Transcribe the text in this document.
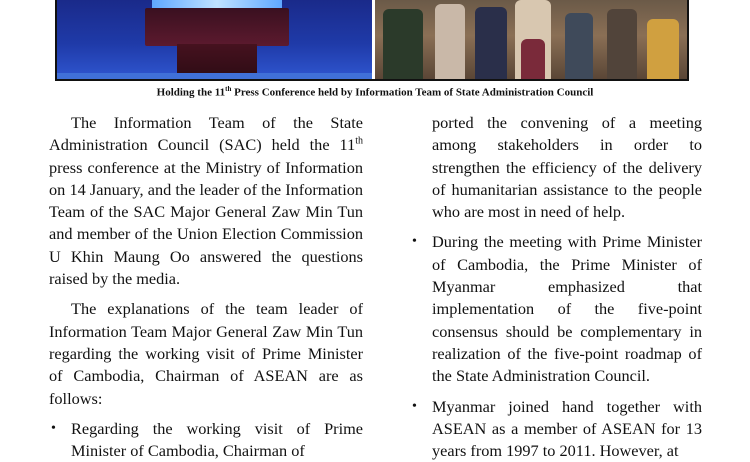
Holding the 11th Press Conference held by Information Team of State Administration Council

The Information Team of the State Administration Council (SAC) held the 11th press conference at the Ministry of Information on 14 January, and the leader of the Information Team of the SAC Major General Zaw Min Tun and member of the Union Election Commission U Khin Maung Oo answered the questions raised by the media.

The explanations of the team leader of Information Team Major General Zaw Min Tun regarding the working visit of Prime Minister of Cambodia, Chairman of ASEAN are as follows:

• Regarding the working visit of Prime Minister of Cambodia, Chairman of

ported the convening of a meeting among stakeholders in order to strengthen the efficiency of the delivery of humanitarian assistance to the people who are most in need of help.

• During the meeting with Prime Minister of Cambodia, the Prime Minister of Myanmar emphasized that implementation of the five-point consensus should be complementary in realization of the five-point roadmap of the State Administration Council.

• Myanmar joined hand together with ASEAN as a member of ASEAN for 13 years from 1997 to 2011. However, at
